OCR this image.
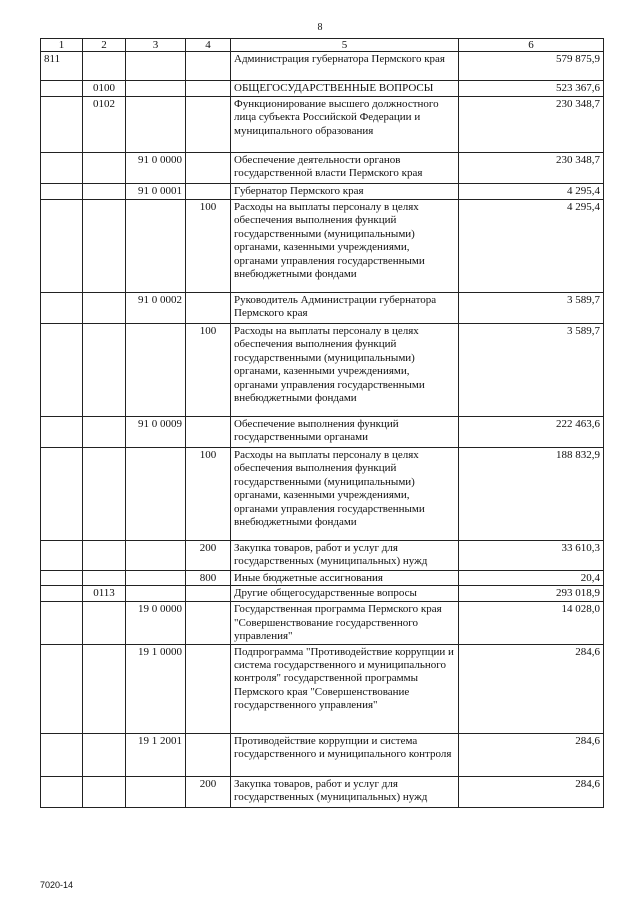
8
1	2	3	4	5	6
811				Администрация губернатора Пермского края	579 875,9
	0100			ОБЩЕГОСУДАРСТВЕННЫЕ ВОПРОСЫ	523 367,6
	0102			Функционирование высшего должностного лица субъекта Российской Федерации и муниципального образования	230 348,7
		91 0 0000		Обеспечение деятельности органов государственной власти Пермского края	230 348,7
		91 0 0001		Губернатор Пермского края	4 295,4
			100	Расходы на выплаты персоналу в целях обеспечения выполнения функций государственными (муниципальными) органами, казенными учреждениями, органами управления государственными внебюджетными фондами	4 295,4
		91 0 0002		Руководитель Администрации губернатора Пермского края	3 589,7
			100	Расходы на выплаты персоналу в целях обеспечения выполнения функций государственными (муниципальными) органами, казенными учреждениями, органами управления государственными внебюджетными фондами	3 589,7
		91 0 0009		Обеспечение выполнения функций государственными органами	222 463,6
			100	Расходы на выплаты персоналу в целях обеспечения выполнения функций государственными (муниципальными) органами, казенными учреждениями, органами управления государственными внебюджетными фондами	188 832,9
			200	Закупка товаров, работ и услуг для государственных (муниципальных) нужд	33 610,3
			800	Иные бюджетные ассигнования	20,4
	0113			Другие общегосударственные вопросы	293 018,9
		19 0 0000		Государственная программа Пермского края "Совершенствование государственного управления"	14 028,0
		19 1 0000		Подпрограмма "Противодействие коррупции и система государственного и муниципального контроля" государственной программы Пермского края "Совершенствование государственного управления"	284,6
		19 1 2001		Противодействие коррупции и система государственного и муниципального контроля	284,6
			200	Закупка товаров, работ и услуг для государственных (муниципальных) нужд	284,6
7020-14
